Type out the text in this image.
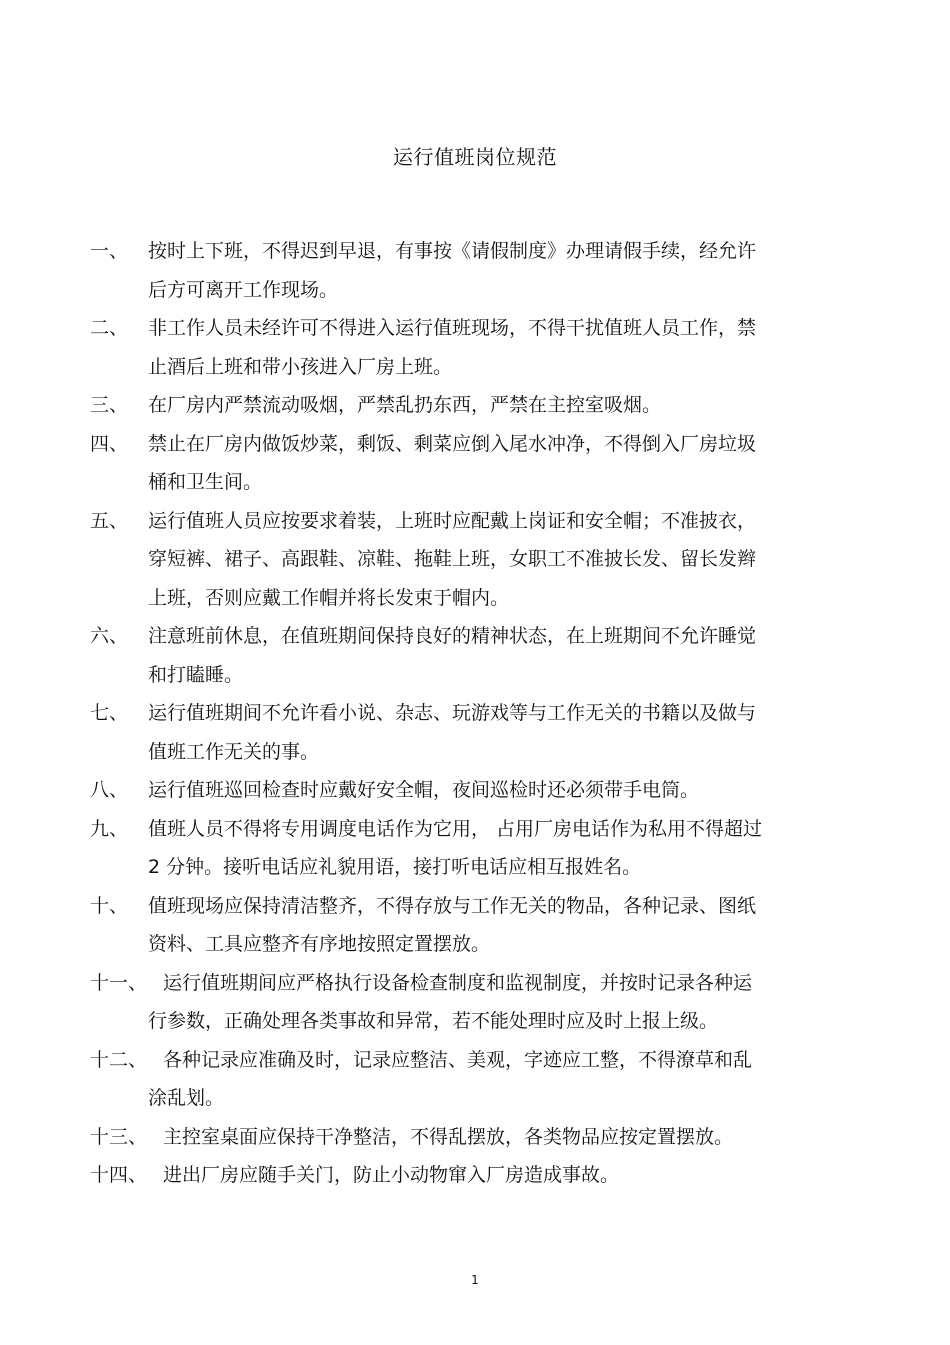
运行值班岗位规范
一、 按时上下班，不得迟到早退，有事按《请假制度》办理请假手续，经允许
后方可离开工作现场。
二、 非工作人员未经许可不得进入运行值班现场，不得干扰值班人员工作，禁
止酒后上班和带小孩进入厂房上班。
三、 在厂房内严禁流动吸烟，严禁乱扔东西，严禁在主控室吸烟。
四、 禁止在厂房内做饭炒菜，剩饭、剩菜应倒入尾水冲净，不得倒入厂房垃圾
桶和卫生间。
五、 运行值班人员应按要求着装，上班时应配戴上岗证和安全帽；不准披衣，
穿短裤、裙子、高跟鞋、凉鞋、拖鞋上班，女职工不准披长发、留长发辫
上班，否则应戴工作帽并将长发束于帽内。
六、 注意班前休息，在值班期间保持良好的精神状态，在上班期间不允许睡觉
和打瞌睡。
七、 运行值班期间不允许看小说、杂志、玩游戏等与工作无关的书籍以及做与
值班工作无关的事。
八、 运行值班巡回检查时应戴好安全帽，夜间巡检时还必须带手电筒。
九、 值班人员不得将专用调度电话作为它用， 占用厂房电话作为私用不得超过
2 分钟。接听电话应礼貌用语，接打听电话应相互报姓名。
十、 值班现场应保持清洁整齐，不得存放与工作无关的物品，各种记录、图纸
资料、工具应整齐有序地按照定置摆放。
十一、 运行值班期间应严格执行设备检查制度和监视制度，并按时记录各种运
行参数，正确处理各类事故和异常，若不能处理时应及时上报上级。
十二、 各种记录应准确及时，记录应整洁、美观，字迹应工整，不得潦草和乱
涂乱划。
十三、 主控室桌面应保持干净整洁，不得乱摆放，各类物品应按定置摆放。
十四、 进出厂房应随手关门，防止小动物窜入厂房造成事故。
1
